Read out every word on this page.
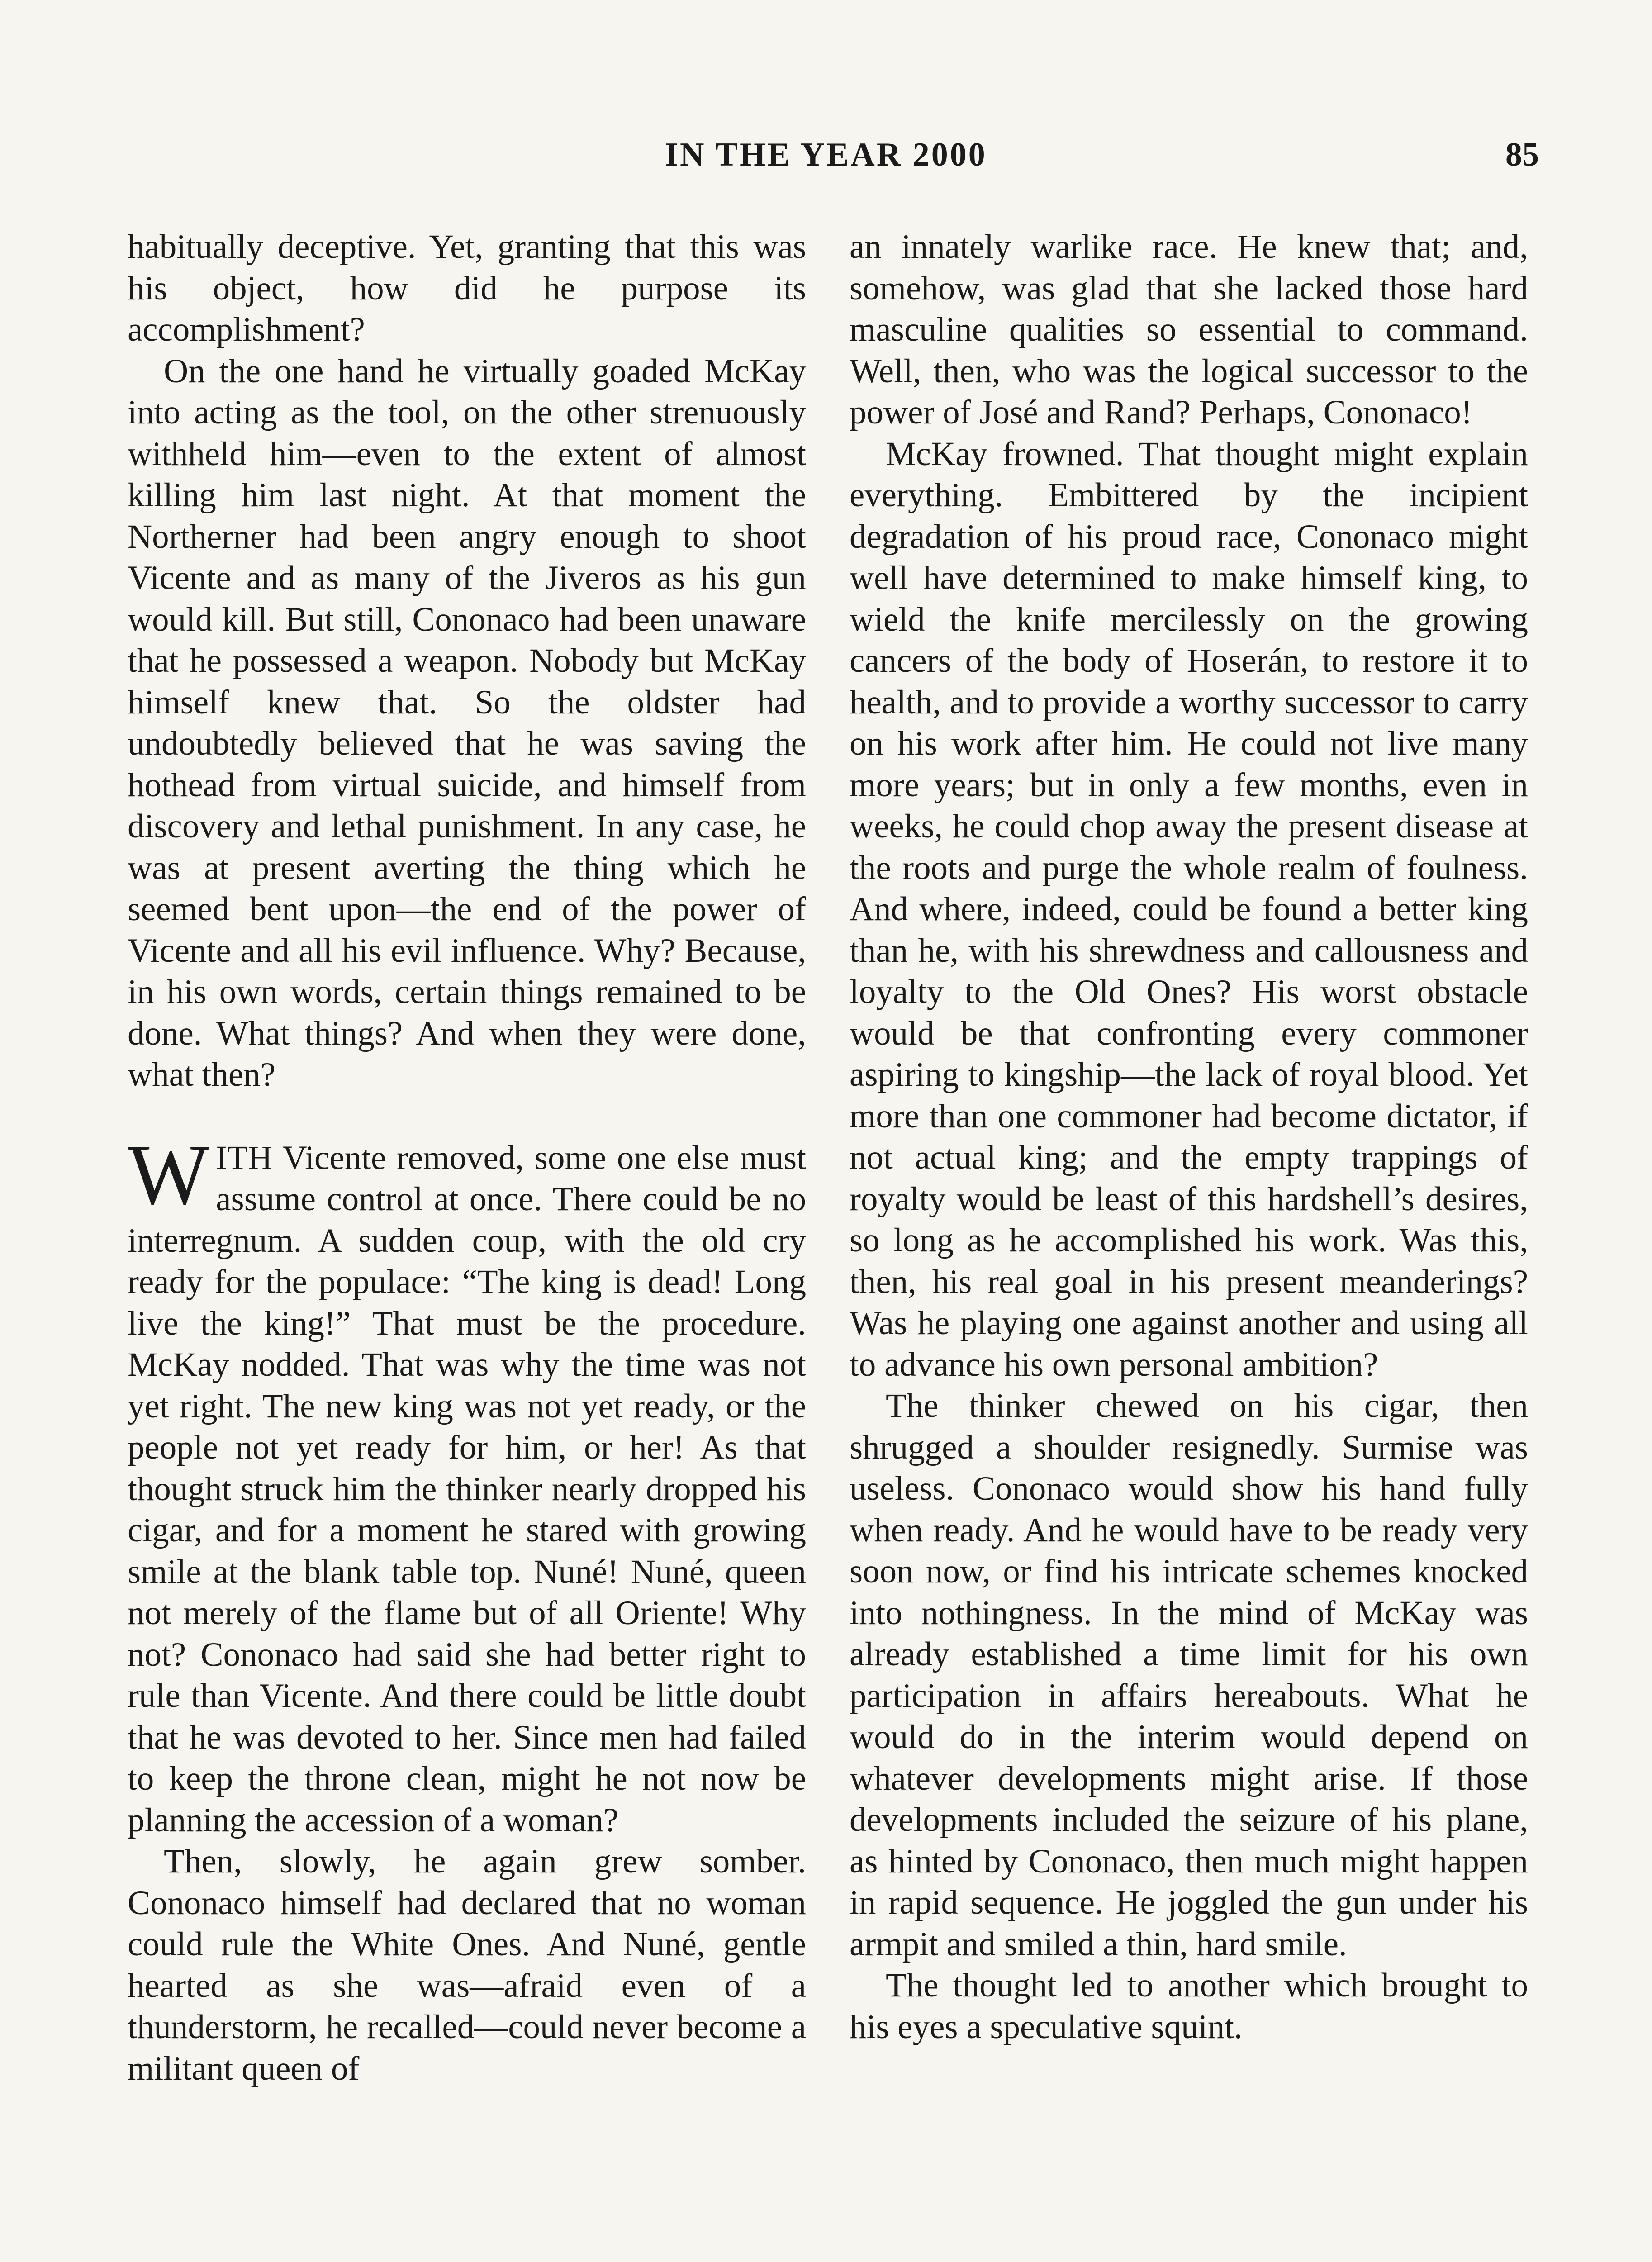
IN THE YEAR 2000	85

habitually deceptive. Yet, granting that this was his object, how did he purpose its accomplishment?

On the one hand he virtually goaded McKay into acting as the tool, on the other strenuously withheld him—even to the extent of almost killing him last night. At that moment the Northerner had been angry enough to shoot Vicente and as many of the Jiveros as his gun would kill. But still, Cononaco had been unaware that he possessed a weapon. Nobody but McKay himself knew that. So the oldster had undoubtedly believed that he was saving the hothead from virtual suicide, and himself from discovery and lethal punishment. In any case, he was at present averting the thing which he seemed bent upon—the end of the power of Vicente and all his evil influence. Why? Because, in his own words, certain things remained to be done. What things? And when they were done, what then?

WITH Vicente removed, some one else must assume control at once. There could be no interregnum. A sudden coup, with the old cry ready for the populace: “The king is dead! Long live the king!” That must be the procedure. McKay nodded. That was why the time was not yet right. The new king was not yet ready, or the people not yet ready for him, or her! As that thought struck him the thinker nearly dropped his cigar, and for a moment he stared with growing smile at the blank table top. Nuné! Nuné, queen not merely of the flame but of all Oriente! Why not? Cononaco had said she had better right to rule than Vicente. And there could be little doubt that he was devoted to her. Since men had failed to keep the throne clean, might he not now be planning the accession of a woman?

Then, slowly, he again grew somber. Cononaco himself had declared that no woman could rule the White Ones. And Nuné, gentle hearted as she was—afraid even of a thunderstorm, he recalled—could never become a militant queen of

an innately warlike race. He knew that; and, somehow, was glad that she lacked those hard masculine qualities so essential to command. Well, then, who was the logical successor to the power of José and Rand? Perhaps, Cononaco!

McKay frowned. That thought might explain everything. Embittered by the incipient degradation of his proud race, Cononaco might well have determined to make himself king, to wield the knife mercilessly on the growing cancers of the body of Hoserán, to restore it to health, and to provide a worthy successor to carry on his work after him. He could not live many more years; but in only a few months, even in weeks, he could chop away the present disease at the roots and purge the whole realm of foulness. And where, indeed, could be found a better king than he, with his shrewdness and callousness and loyalty to the Old Ones? His worst obstacle would be that confronting every commoner aspiring to kingship—the lack of royal blood. Yet more than one commoner had become dictator, if not actual king; and the empty trappings of royalty would be least of this hardshell’s desires, so long as he accomplished his work. Was this, then, his real goal in his present meanderings? Was he playing one against another and using all to advance his own personal ambition?

The thinker chewed on his cigar, then shrugged a shoulder resignedly. Surmise was useless. Cononaco would show his hand fully when ready. And he would have to be ready very soon now, or find his intricate schemes knocked into nothingness. In the mind of McKay was already established a time limit for his own participation in affairs hereabouts. What he would do in the interim would depend on whatever developments might arise. If those developments included the seizure of his plane, as hinted by Cononaco, then much might happen in rapid sequence. He joggled the gun under his armpit and smiled a thin, hard smile.

The thought led to another which brought to his eyes a speculative squint.
